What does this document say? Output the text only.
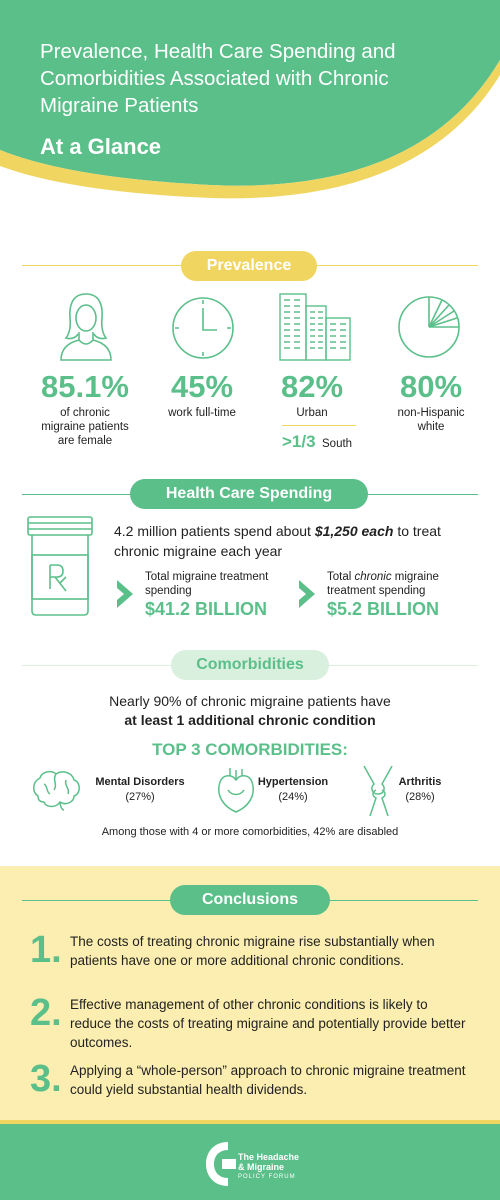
Prevalence, Health Care Spending and Comorbidities Associated with Chronic Migraine Patients
At a Glance
Prevalence
85.1%
of chronic migraine patients are female
45%
work full-time
82%
Urban
>1/3 South
80%
non-Hispanic white
Health Care Spending
4.2 million patients spend about $1,250 each to treat chronic migraine each year
Total migraine treatment spending
$41.2 BILLION
Total chronic migraine treatment spending
$5.2 BILLION
Comorbidities
Nearly 90% of chronic migraine patients have
at least 1 additional chronic condition
TOP 3 COMORBIDITIES:
Mental Disorders
(27%)
Hypertension
(24%)
Arthritis
(28%)
Among those with 4 or more comorbidities, 42% are disabled
Conclusions
1. The costs of treating chronic migraine rise substantially when patients have one or more additional chronic conditions.
2. Effective management of other chronic conditions is likely to reduce the costs of treating migraine and potentially provide better outcomes.
3. Applying a “whole-person” approach to chronic migraine treatment could yield substantial health dividends.
The Headache
& Migraine
POLICY FORUM
